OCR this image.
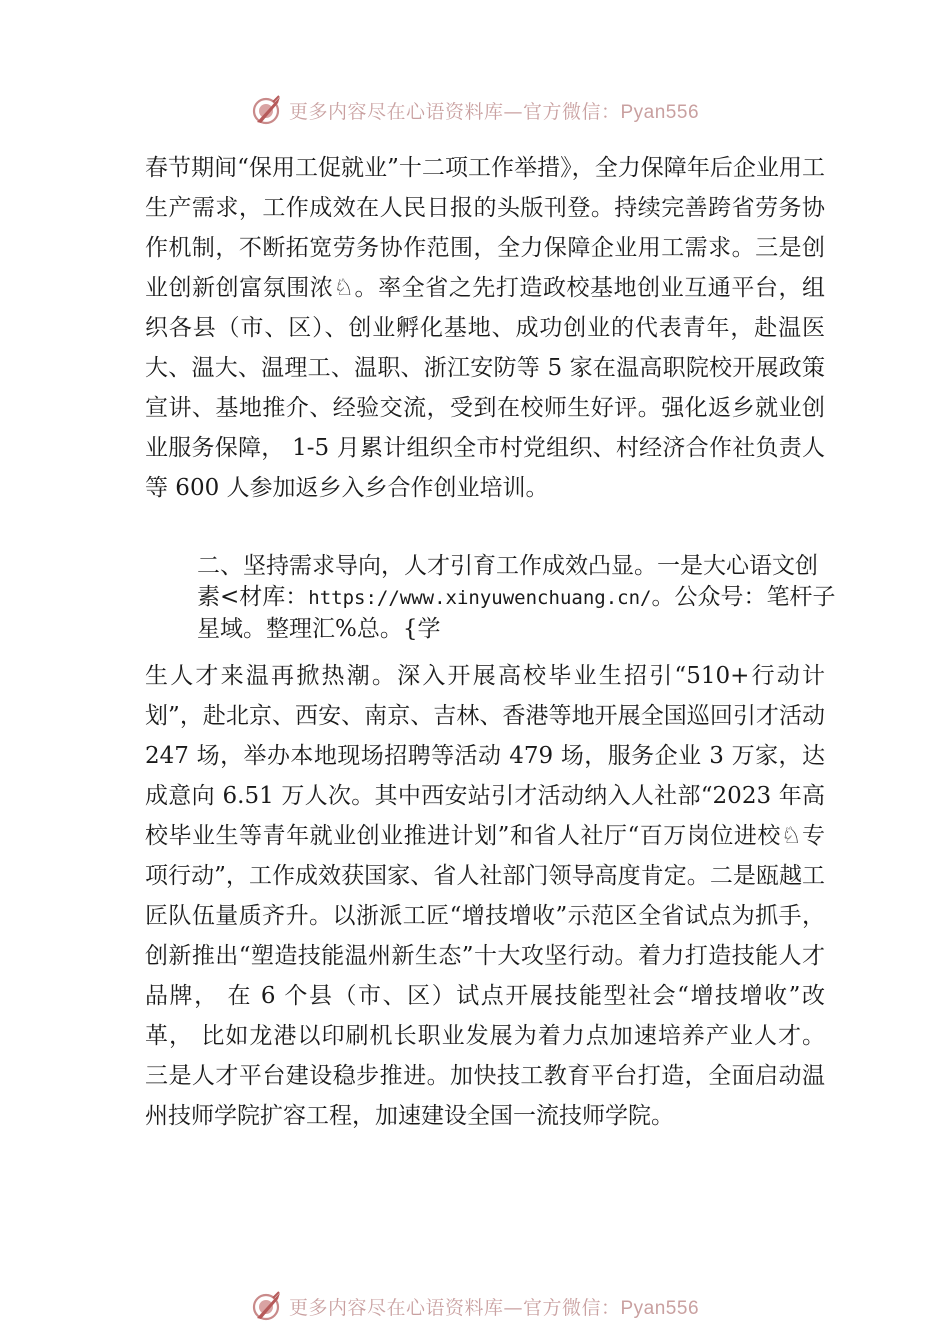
更多内容尽在心语资料库—官方微信：Pyan556

春节期间“保用工促就业”十二项工作举措》，全力保障年后企业用工生产需求，工作成效在人民日报的头版刊登。持续完善跨省劳务协作机制，不断拓宽劳务协作范围，全力保障企业用工需求。三是创业创新创富氛围浓♘。率全省之先打造政校基地创业互通平台，组织各县（市、区）、创业孵化基地、成功创业的代表青年，赴温医大、温大、温理工、温职、浙江安防等 5 家在温高职院校开展政策宣讲、基地推介、经验交流，受到在校师生好评。强化返乡就业创业服务保障， 1-5 月累计组织全市村党组织、村经济合作社负责人等 600 人参加返乡入乡合作创业培训。

二、坚持需求导向，人才引育工作成效凸显。一是大心语文创素<材库：https://www.xinyuwenchuang.cn/。公众号：笔杆子星域。整理汇%总。{学

生人才来温再掀热潮。深入开展高校毕业生招引“510+行动计划”，赴北京、西安、南京、吉林、香港等地开展全国巡回引才活动 247 场，举办本地现场招聘等活动 479 场，服务企业 3 万家，达成意向 6.51 万人次。其中西安站引才活动纳入人社部“2023 年高校毕业生等青年就业创业推进计划”和省人社厅“百万岗位进校♘专项行动”，工作成效获国家、省人社部门领导高度肯定。二是瓯越工匠队伍量质齐升。以浙派工匠“增技增收”示范区全省试点为抓手，创新推出“塑造技能温州新生态”十大攻坚行动。着力打造技能人才品牌， 在 6 个县（市、区）试点开展技能型社会“增技增收”改革， 比如龙港以印刷机长职业发展为着力点加速培养产业人才。 三是人才平台建设稳步推进。加快技工教育平台打造，全面启动温州技师学院扩容工程，加速建设全国一流技师学院。

更多内容尽在心语资料库—官方微信：Pyan556
